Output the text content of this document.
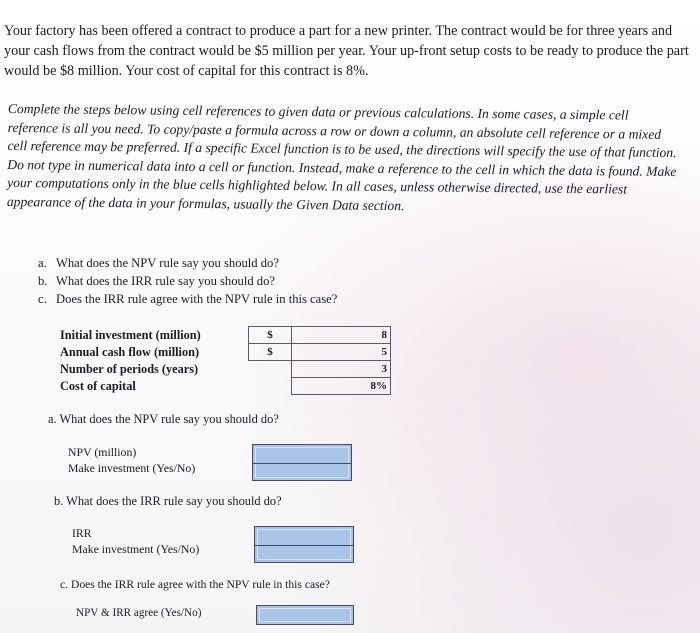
Your factory has been offered a contract to produce a part for a new printer. The contract would be for three years and your cash flows from the contract would be $5 million per year. Your up-front setup costs to be ready to produce the part would be $8 million. Your cost of capital for this contract is 8%.

Complete the steps below using cell references to given data or previous calculations. In some cases, a simple cell reference is all you need. To copy/paste a formula across a row or down a column, an absolute cell reference or a mixed cell reference may be preferred. If a specific Excel function is to be used, the directions will specify the use of that function. Do not type in numerical data into a cell or function. Instead, make a reference to the cell in which the data is found. Make your computations only in the blue cells highlighted below. In all cases, unless otherwise directed, use the earliest appearance of the data in your formulas, usually the Given Data section.

a. What does the NPV rule say you should do?
b. What does the IRR rule say you should do?
c. Does the IRR rule agree with the NPV rule in this case?
Initial investment (million)	$	8
Annual cash flow (million)	$	5
Number of periods (years)		3
Cost of capital		8%
a. What does the NPV rule say you should do?
NPV (million)
Make investment (Yes/No)
b. What does the IRR rule say you should do?
IRR
Make investment (Yes/No)
c. Does the IRR rule agree with the NPV rule in this case?
NPV & IRR agree (Yes/No)
